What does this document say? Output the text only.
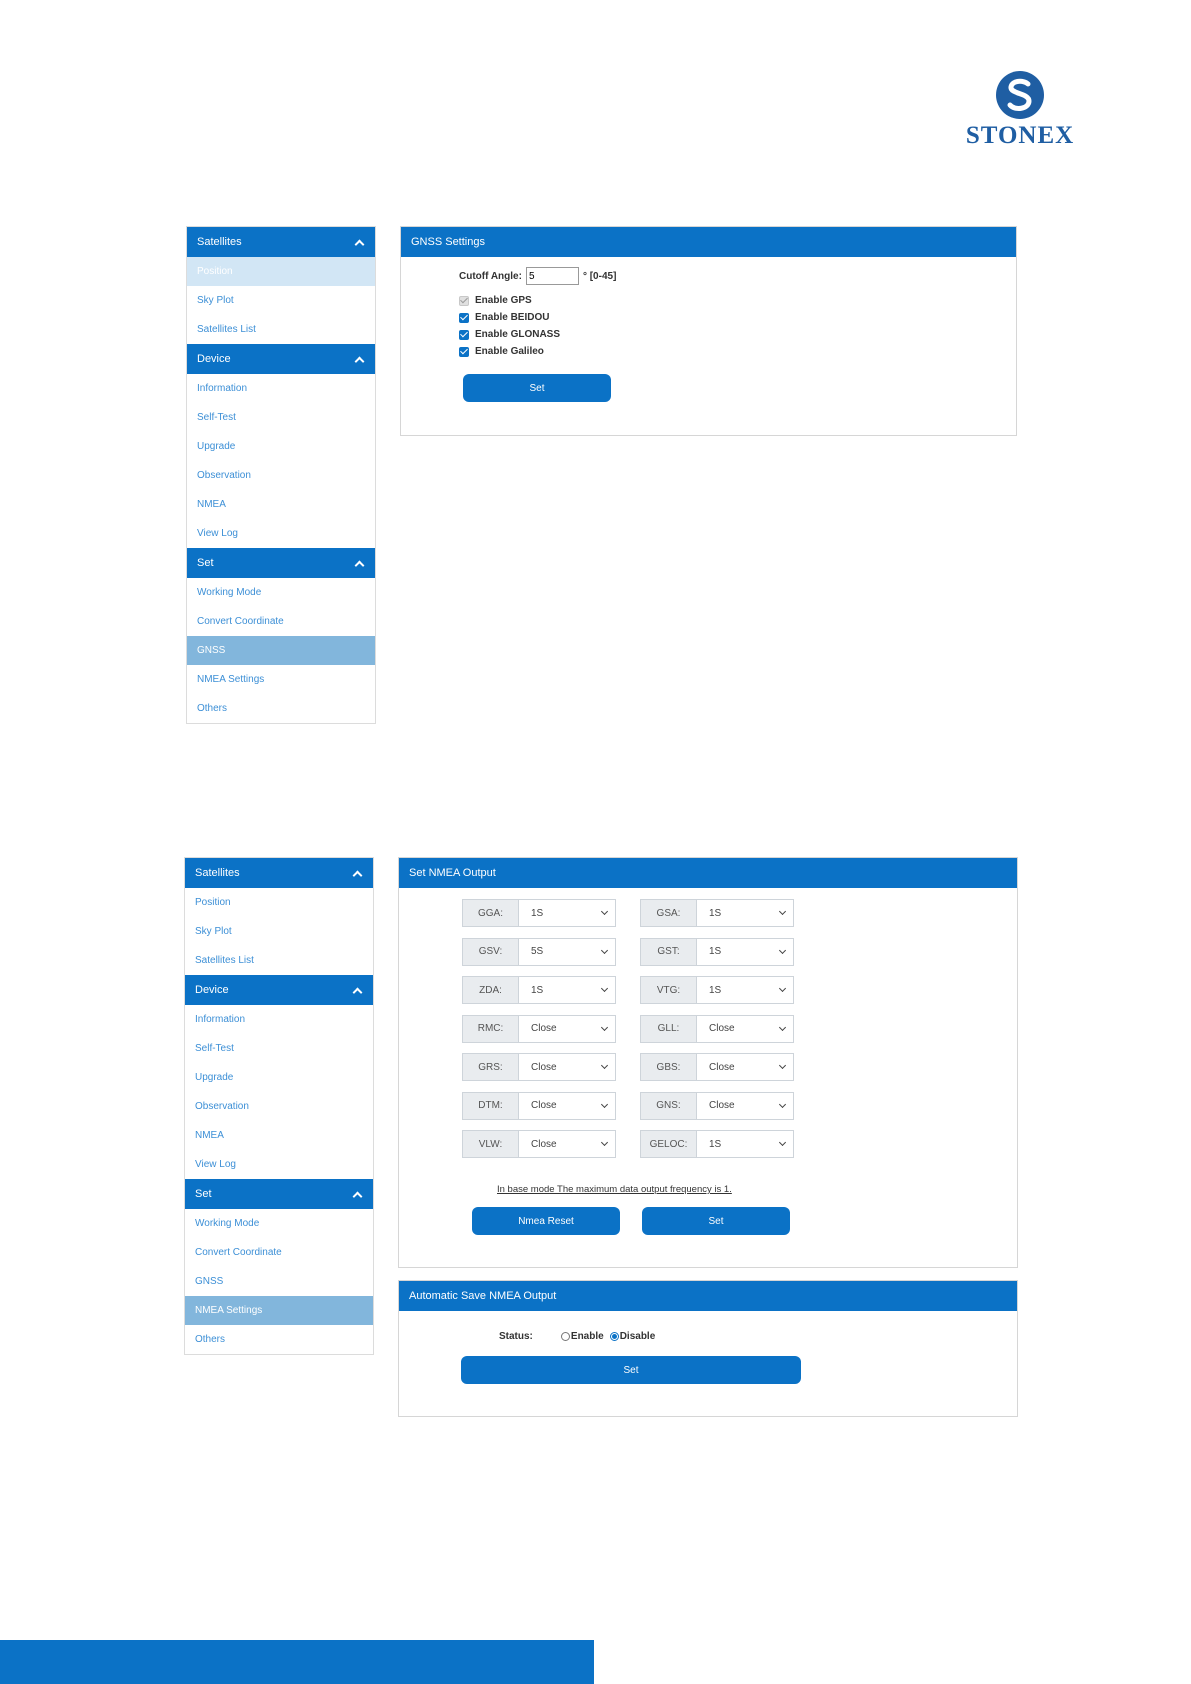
STONEX
Satellites
Position
Sky Plot
Satellites List
Device
Information
Self-Test
Upgrade
Observation
NMEA
View Log
Set
Working Mode
Convert Coordinate
GNSS
NMEA Settings
Others
GNSS Settings
Cutoff Angle:
5	° [0-45]
Enable GPS
Enable BEIDOU
Enable GLONASS
Enable Galileo
Set
Satellites
Position
Sky Plot
Satellites List
Device
Information
Self-Test
Upgrade
Observation
NMEA
View Log
Set
Working Mode
Convert Coordinate
GNSS
NMEA Settings
Others
Set NMEA Output
GGA:	1S	GSA:	1S
GSV:	5S	GST:	1S
ZDA:	1S	VTG:	1S
RMC:	Close	GLL:	Close
GRS:	Close	GBS:	Close
DTM:	Close	GNS:	Close
VLW:	Close	GELOC:	1S
In base mode The maximum data output frequency is 1.
Nmea Reset	Set
Automatic Save NMEA Output
Status:	Enable Disable
Set
